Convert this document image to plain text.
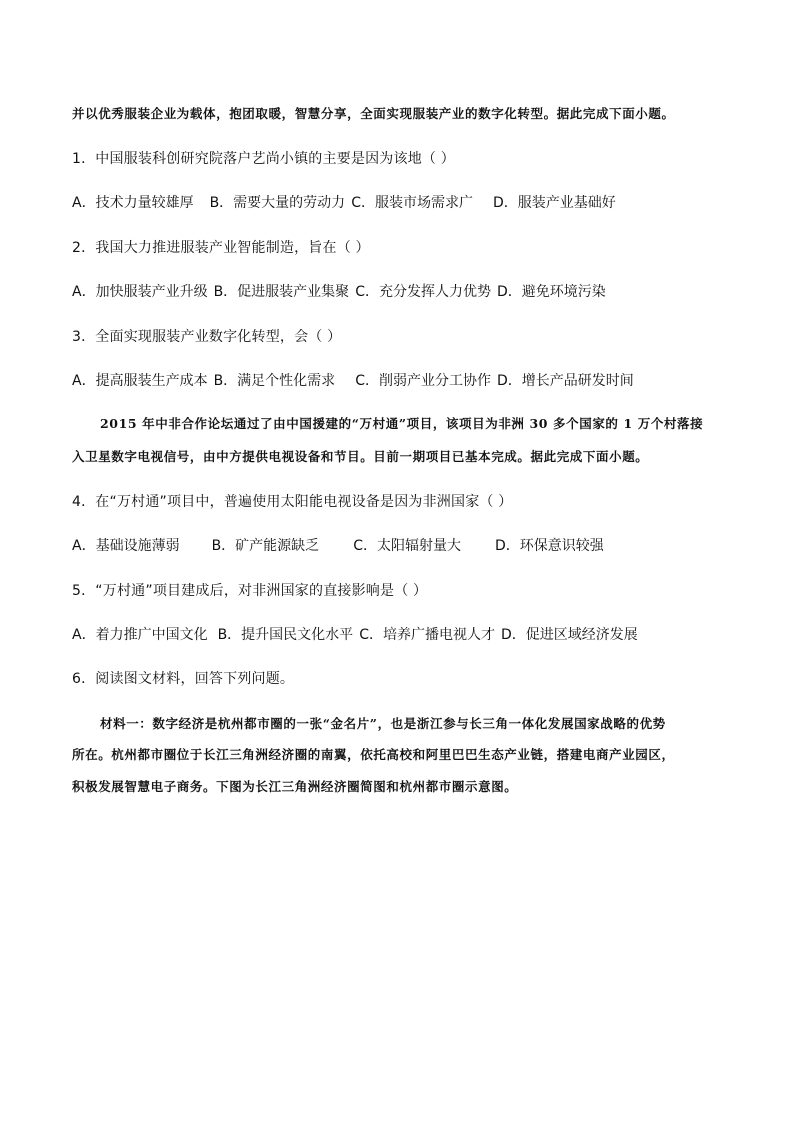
并以优秀服装企业为载体，抱团取暖，智慧分享，全面实现服装产业的数字化转型。据此完成下面小题。
1．中国服装科创研究院落户艺尚小镇的主要是因为该地（ ）
A．技术力量较雄厚 B．需要大量的劳动力 C．服装市场需求广 D．服装产业基础好
2．我国大力推进服装产业智能制造，旨在（ ）
A．加快服装产业升级 B．促进服装产业集聚 C．充分发挥人力优势 D．避免环境污染
3．全面实现服装产业数字化转型，会（ ）
A．提高服装生产成本 B．满足个性化需求 C．削弱产业分工协作 D．增长产品研发时间
2015 年中非合作论坛通过了由中国援建的“万村通”项目，该项目为非洲 30 多个国家的 1 万个村落接
入卫星数字电视信号，由中方提供电视设备和节目。目前一期项目已基本完成。据此完成下面小题。
4．在“万村通”项目中，普遍使用太阳能电视设备是因为非洲国家（ ）
A．基础设施薄弱 B．矿产能源缺乏 C．太阳辐射量大 D．环保意识较强
5．“万村通”项目建成后，对非洲国家的直接影响是（ ）
A．着力推广中国文化 B．提升国民文化水平 C．培养广播电视人才 D．促进区域经济发展
6．阅读图文材料，回答下列问题。
材料一：数字经济是杭州都市圈的一张“金名片”，也是浙江参与长三角一体化发展国家战略的优势
所在。杭州都市圈位于长江三角洲经济圈的南翼，依托高校和阿里巴巴生态产业链，搭建电商产业园区，
积极发展智慧电子商务。下图为长江三角洲经济圈简图和杭州都市圈示意图。
